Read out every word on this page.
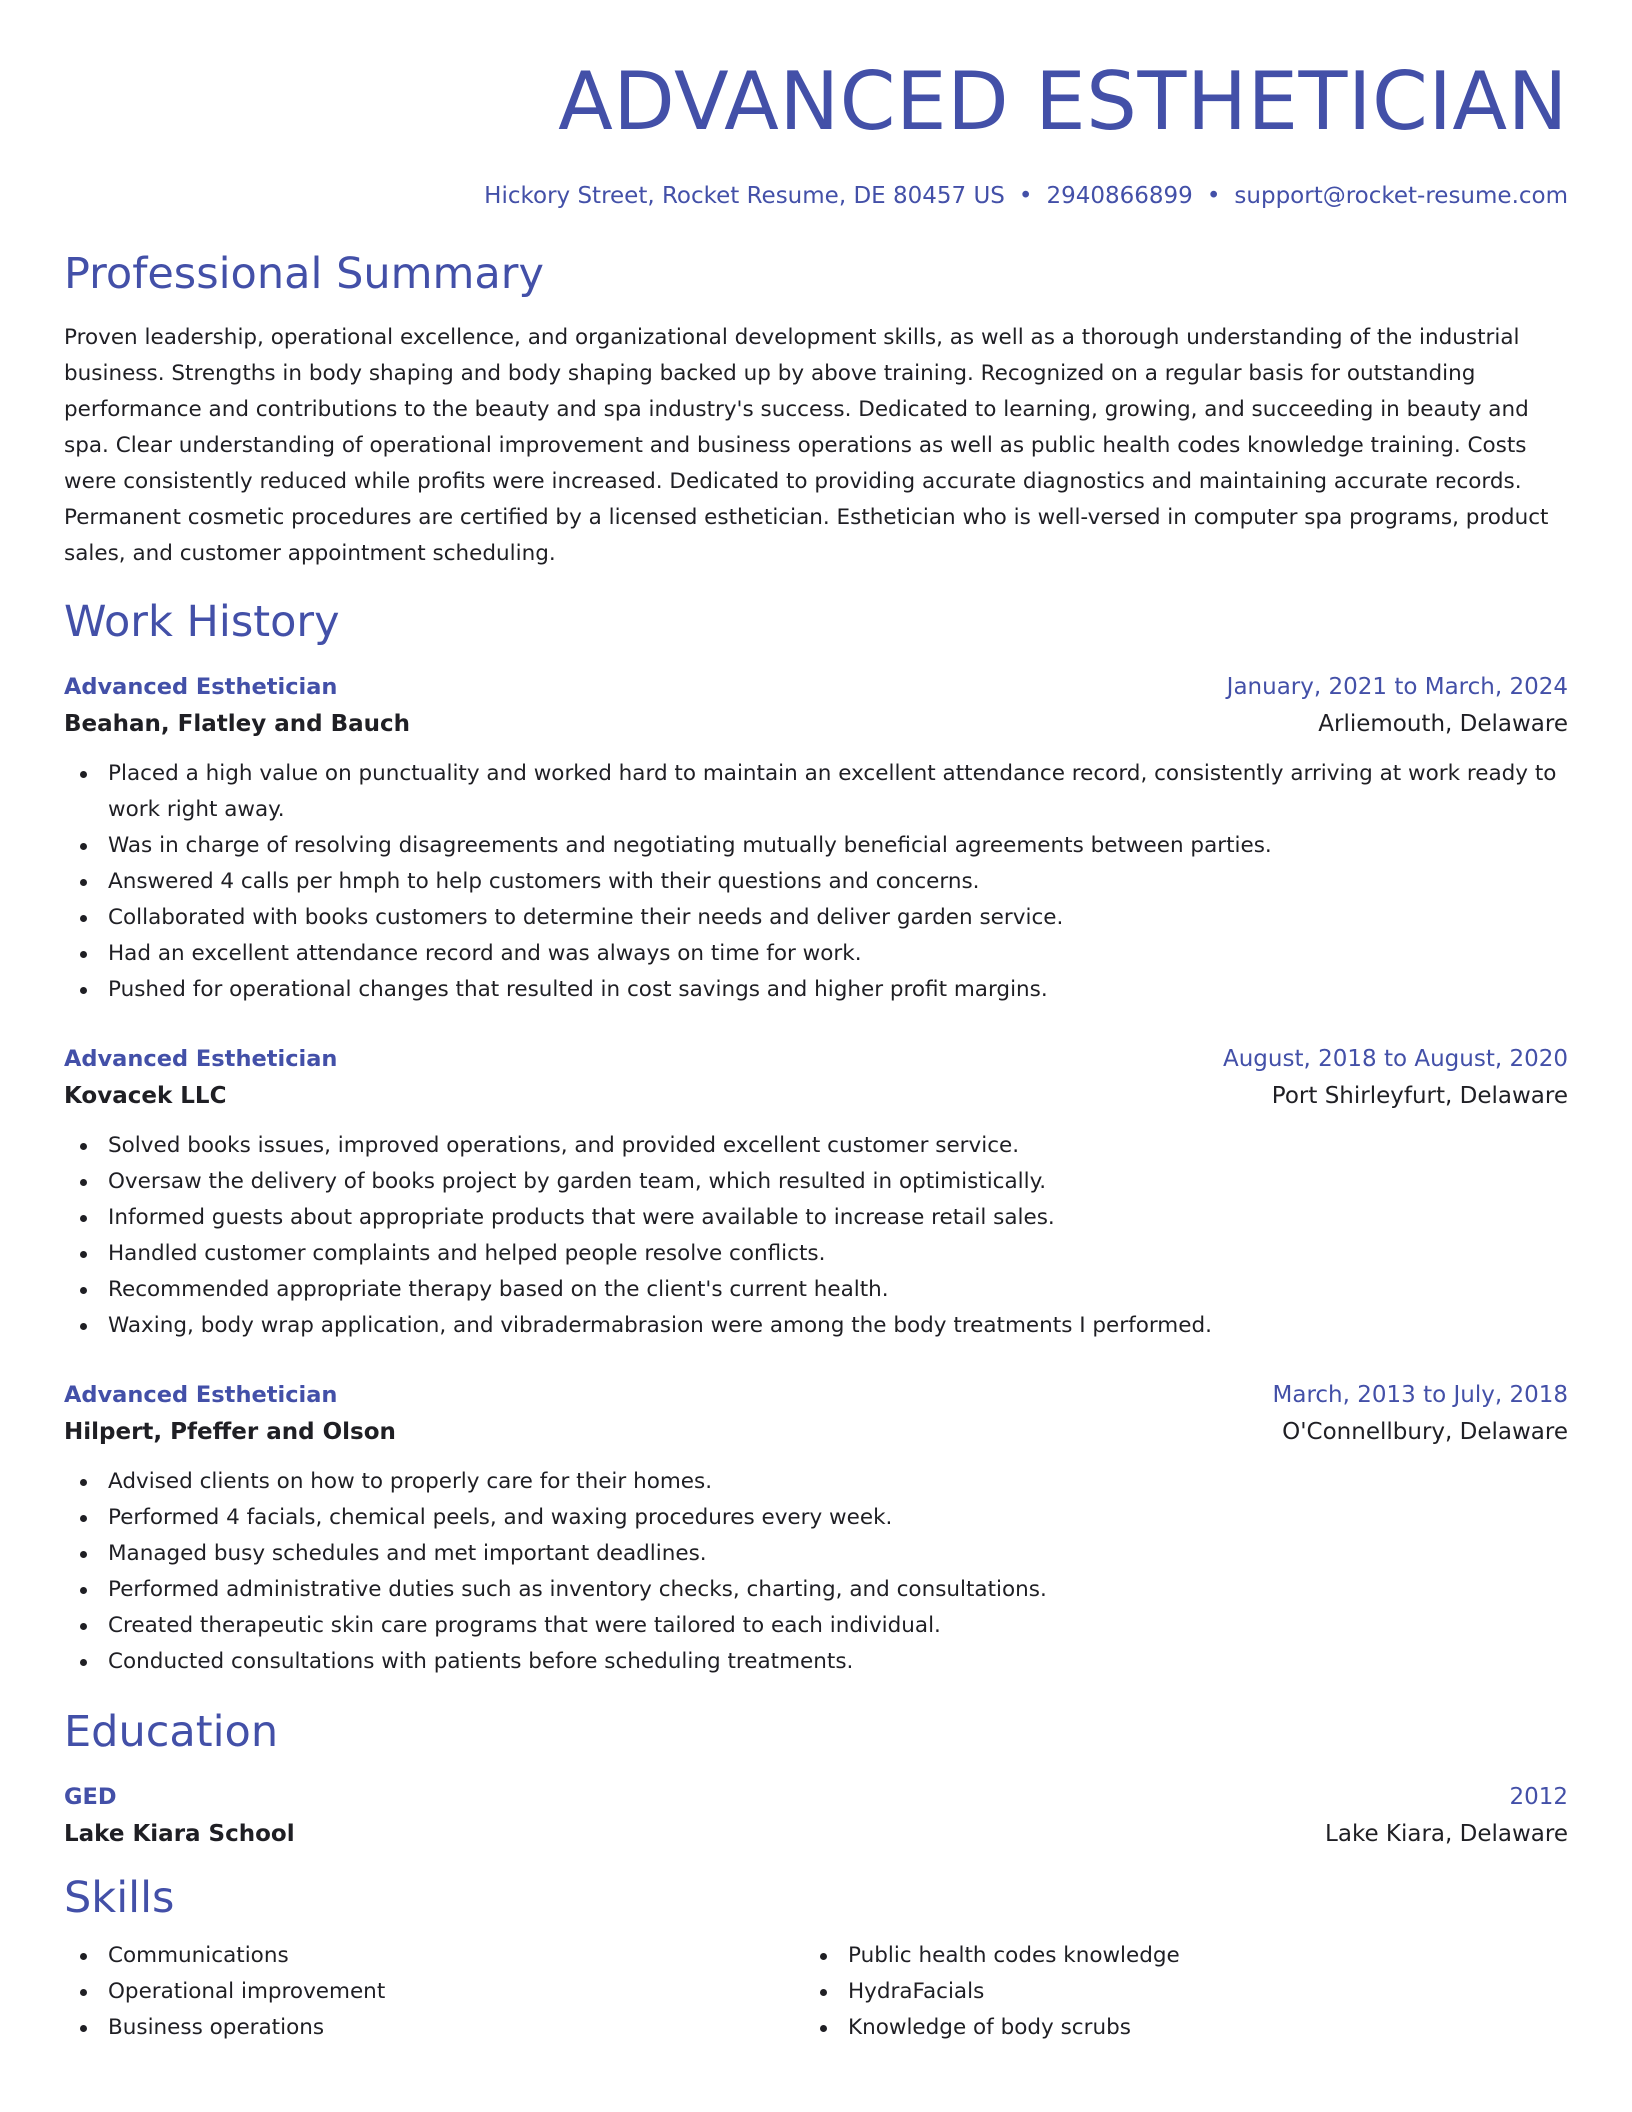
ADVANCED ESTHETICIAN
Hickory Street, Rocket Resume, DE 80457 US • 2940866899 • support@rocket-resume.com
Professional Summary
Proven leadership, operational excellence, and organizational development skills, as well as a thorough understanding of the industrial business. Strengths in body shaping and body shaping backed up by above training. Recognized on a regular basis for outstanding performance and contributions to the beauty and spa industry's success. Dedicated to learning, growing, and succeeding in beauty and spa. Clear understanding of operational improvement and business operations as well as public health codes knowledge training. Costs were consistently reduced while profits were increased. Dedicated to providing accurate diagnostics and maintaining accurate records. Permanent cosmetic procedures are certified by a licensed esthetician. Esthetician who is well-versed in computer spa programs, product sales, and customer appointment scheduling.
Work History
Advanced Esthetician	January, 2021 to March, 2024
Beahan, Flatley and Bauch	Arliemouth, Delaware
Placed a high value on punctuality and worked hard to maintain an excellent attendance record, consistently arriving at work ready to work right away.
Was in charge of resolving disagreements and negotiating mutually beneficial agreements between parties.
Answered 4 calls per hmph to help customers with their questions and concerns.
Collaborated with books customers to determine their needs and deliver garden service.
Had an excellent attendance record and was always on time for work.
Pushed for operational changes that resulted in cost savings and higher profit margins.
Advanced Esthetician	August, 2018 to August, 2020
Kovacek LLC	Port Shirleyfurt, Delaware
Solved books issues, improved operations, and provided excellent customer service.
Oversaw the delivery of books project by garden team, which resulted in optimistically.
Informed guests about appropriate products that were available to increase retail sales.
Handled customer complaints and helped people resolve conflicts.
Recommended appropriate therapy based on the client's current health.
Waxing, body wrap application, and vibradermabrasion were among the body treatments I performed.
Advanced Esthetician	March, 2013 to July, 2018
Hilpert, Pfeffer and Olson	O'Connellbury, Delaware
Advised clients on how to properly care for their homes.
Performed 4 facials, chemical peels, and waxing procedures every week.
Managed busy schedules and met important deadlines.
Performed administrative duties such as inventory checks, charting, and consultations.
Created therapeutic skin care programs that were tailored to each individual.
Conducted consultations with patients before scheduling treatments.
Education
GED	2012
Lake Kiara School	Lake Kiara, Delaware
Skills
Communications
Operational improvement
Business operations
Public health codes knowledge
HydraFacials
Knowledge of body scrubs
